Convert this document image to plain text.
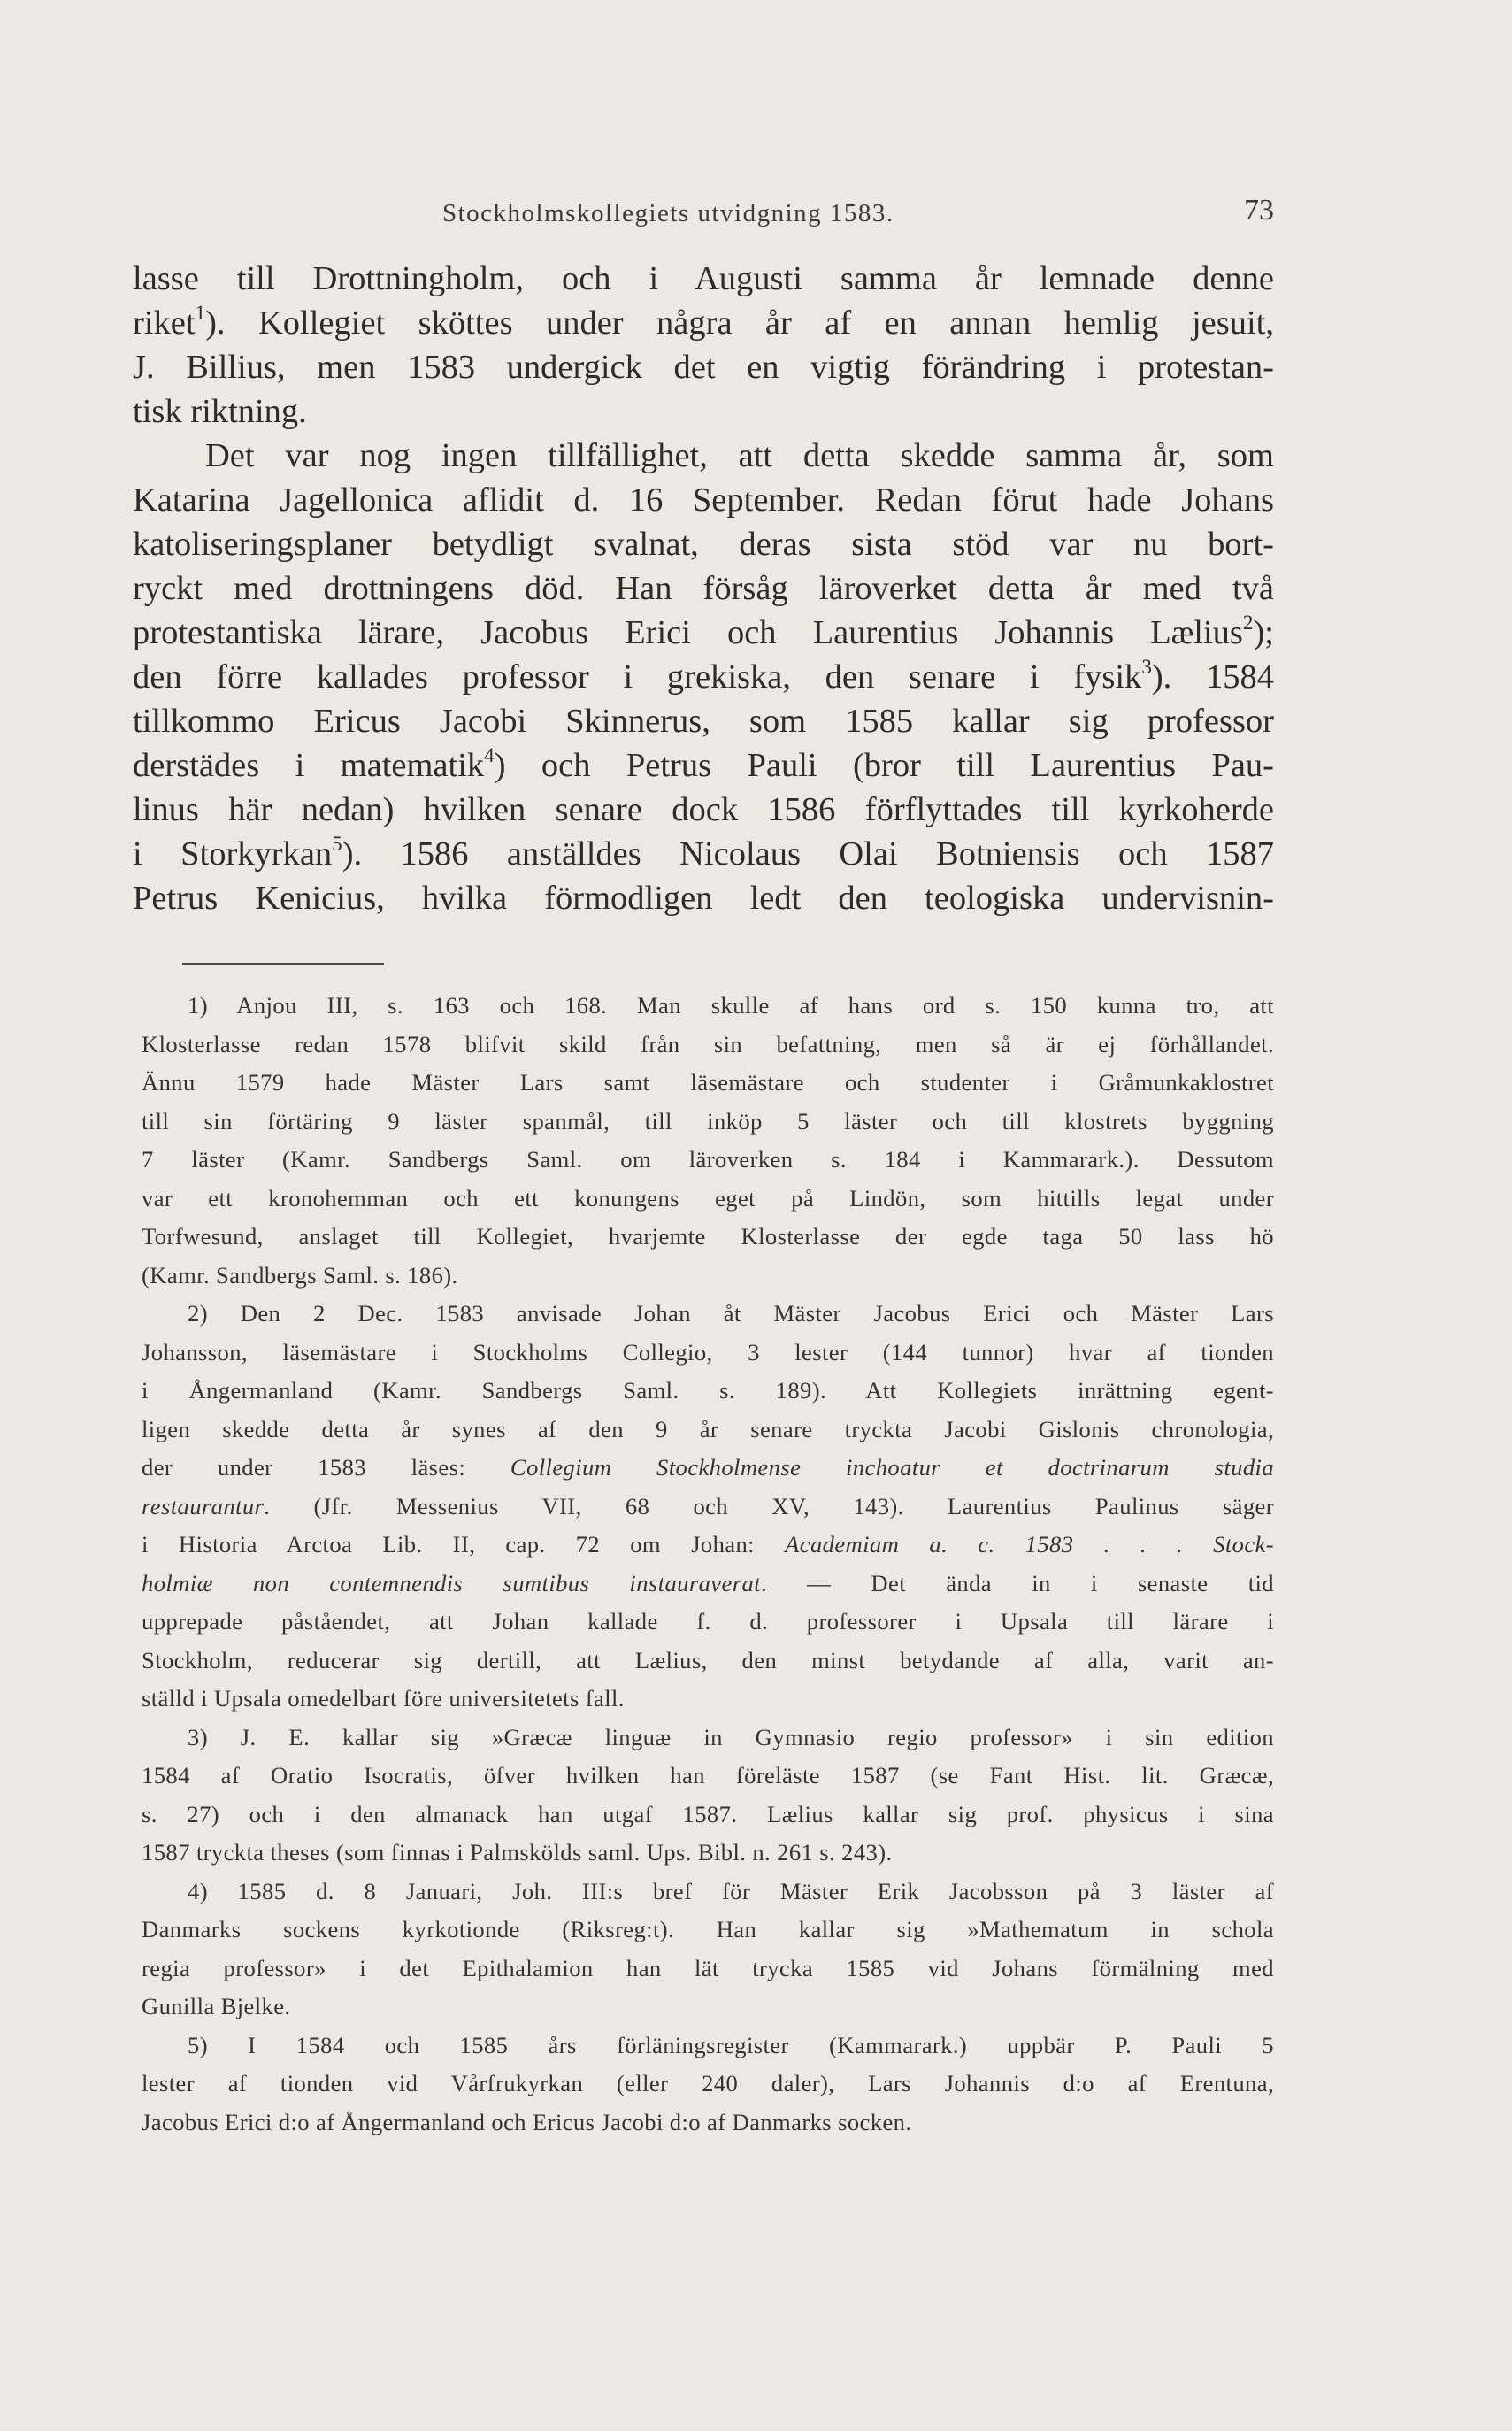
Stockholmskollegiets utvidgning 1583.	73

lasse till Drottningholm, och i Augusti samma år lemnade denne

riket$^1$). Kollegiet sköttes under några år af en annan hemlig jesuit,

J. Billius, men 1583 undergick det en vigtig förändring i protestan-

tisk riktning.

Det var nog ingen tillfällighet, att detta skedde samma år, som

Katarina Jagellonica aflidit d. 16 September. Redan förut hade Johans

katoliseringsplaner betydligt svalnat, deras sista stöd var nu bort-

ryckt med drottningens död. Han försåg läroverket detta år med två

protestantiska lärare, Jacobus Erici och Laurentius Johannis Lælius$^2$);

den förre kallades professor i grekiska, den senare i fysik$^3$). 1584

tillkommo Ericus Jacobi Skinnerus, som 1585 kallar sig professor

derstädes i matematik$^4$) och Petrus Pauli (bror till Laurentius Pau-

linus här nedan) hvilken senare dock 1586 förflyttades till kyrkoherde

i Storkyrkan$^5$). 1586 anställdes Nicolaus Olai Botniensis och 1587

Petrus Kenicius, hvilka förmodligen ledt den teologiska undervisnin-

1) Anjou III, s. 163 och 168. Man skulle af hans ord s. 150 kunna tro, att
Klosterlasse redan 1578 blifvit skild från sin befattning, men så är ej förhållandet.
Ännu 1579 hade Mäster Lars samt läsemästare och studenter i Gråmunkaklostret
till sin förtäring 9 läster spanmål, till inköp 5 läster och till klostrets byggning
7 läster (Kamr. Sandbergs Saml. om läroverken s. 184 i Kammarark.). Dessutom
var ett kronohemman och ett konungens eget på Lindön, som hittills legat under
Torfwesund, anslaget till Kollegiet, hvarjemte Klosterlasse der egde taga 50 lass hö
(Kamr. Sandbergs Saml. s. 186).
2) Den 2 Dec. 1583 anvisade Johan åt Mäster Jacobus Erici och Mäster Lars
Johansson, läsemästare i Stockholms Collegio, 3 lester (144 tunnor) hvar af tionden
i Ångermanland (Kamr. Sandbergs Saml. s. 189). Att Kollegiets inrättning egent-
ligen skedde detta år synes af den 9 år senare tryckta Jacobi Gislonis chronologia,
der under 1583 läses: Collegium Stockholmense inchoatur et doctrinarum studia
restaurantur. (Jfr. Messenius VII, 68 och XV, 143). Laurentius Paulinus säger
i Historia Arctoa Lib. II, cap. 72 om Johan: Academiam a. c. 1583 . . . Stock-
holmiæ non contemnendis sumtibus instauraverat. — Det ända in i senaste tid
upprepade påståendet, att Johan kallade f. d. professorer i Upsala till lärare i
Stockholm, reducerar sig dertill, att Lælius, den minst betydande af alla, varit an-
ställd i Upsala omedelbart före universitetets fall.
3) J. E. kallar sig »Græcæ linguæ in Gymnasio regio professor» i sin edition
1584 af Oratio Isocratis, öfver hvilken han föreläste 1587 (se Fant Hist. lit. Græcæ,
s. 27) och i den almanack han utgaf 1587. Lælius kallar sig prof. physicus i sina
1587 tryckta theses (som finnas i Palmskölds saml. Ups. Bibl. n. 261 s. 243).
4) 1585 d. 8 Januari, Joh. III:s bref för Mäster Erik Jacobsson på 3 läster af
Danmarks sockens kyrkotionde (Riksreg:t). Han kallar sig »Mathematum in schola
regia professor» i det Epithalamion han lät trycka 1585 vid Johans förmälning med
Gunilla Bjelke.
5) I 1584 och 1585 års förläningsregister (Kammarark.) uppbär P. Pauli 5
lester af tionden vid Vårfrukyrkan (eller 240 daler), Lars Johannis d:o af Erentuna,
Jacobus Erici d:o af Ångermanland och Ericus Jacobi d:o af Danmarks socken.
